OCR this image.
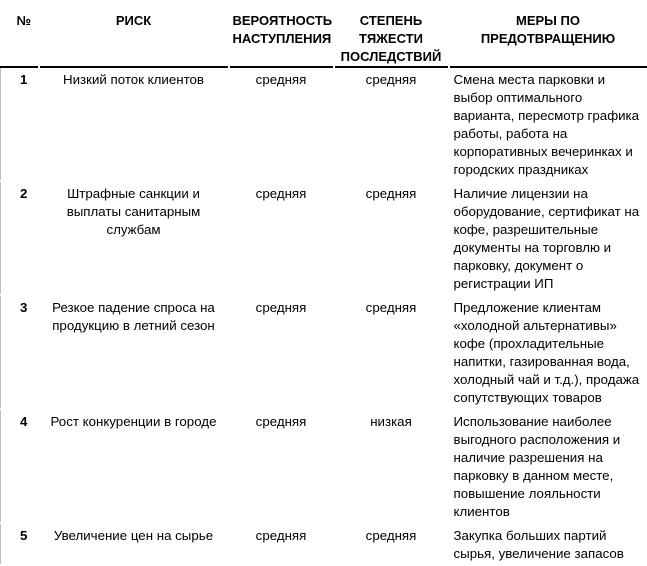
№	РИСК	ВЕРОЯТНОСТЬ НАСТУПЛЕНИЯ	СТЕПЕНЬ ТЯЖЕСТИ ПОСЛЕДСТВИЙ	МЕРЫ ПО ПРЕДОТВРАЩЕНИЮ
1	Низкий поток клиентов	средняя	средняя	Смена места парковки и выбор оптимального варианта, пересмотр графика работы, работа на корпоративных вечеринках и городских праздниках
2	Штрафные санкции и выплаты санитарным службам	средняя	средняя	Наличие лицензии на оборудование, сертификат на кофе, разрешительные документы на торговлю и парковку, документ о регистрации ИП
3	Резкое падение спроса на продукцию в летний сезон	средняя	средняя	Предложение клиентам «холодной альтернативы» кофе (прохладительные напитки, газированная вода, холодный чай и т.д.), продажа сопутствующих товаров
4	Рост конкуренции в городе	средняя	низкая	Использование наиболее выгодного расположения и наличие разрешения на парковку в данном месте, повышение лояльности клиентов
5	Увеличение цен на сырье	средняя	средняя	Закупка больших партий сырья, увеличение запасов
